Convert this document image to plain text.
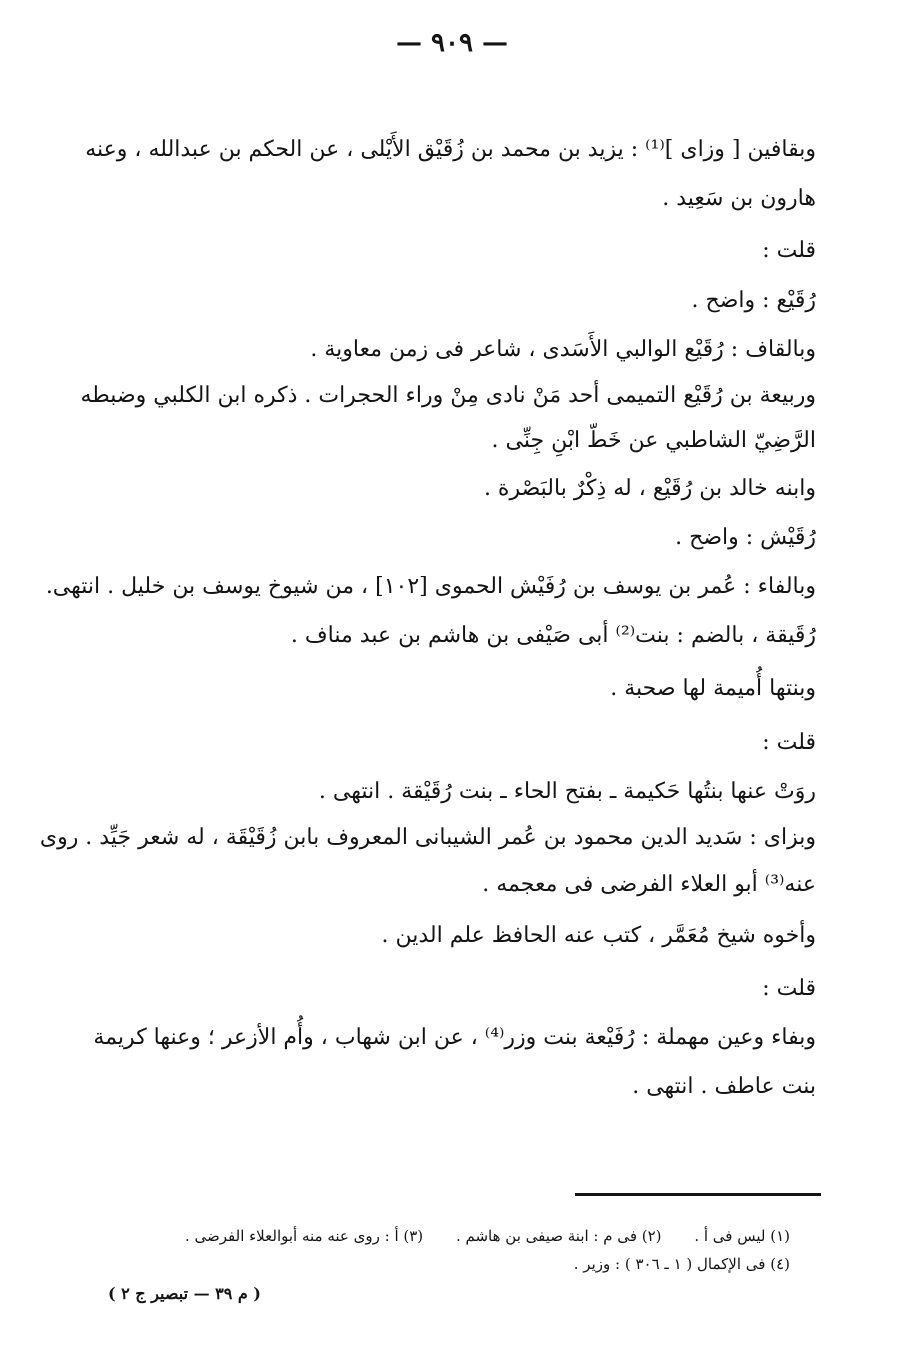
— ٩٠٩ —
وبقافين [ وزاى ]⁽¹⁾ : يزيد بن محمد بن زُقَيْق الأَيْلى ، عن الحكم بن عبدالله ، وعنه
هارون بن سَعِيد .
قلت :
رُقَيْع : واضح .
وبالقاف : رُقَيْع الوالبي الأَسَدى ، شاعر فى زمن معاوية .
وربيعة بن رُقَيْع التميمى أحد مَنْ نادى مِنْ وراء الحجرات . ذكره ابن الكلبي وضبطه
الرَّضِيّ الشاطبي عن خَطّ ابْنِ جِنِّى .
وابنه خالد بن رُقَيْع ، له ذِكْرٌ بالبَصْرة .
رُقَيْش : واضح .
وبالفاء : عُمر بن يوسف بن رُفَيْش الحموى [١٠٢] ، من شيوخ يوسف بن خليل . انتهى.
رُقَيقة ، بالضم : بنت⁽²⁾ أبى صَيْفى بن هاشم بن عبد مناف .
وبنتها أُميمة لها صحبة .
قلت :
روَتْ عنها بنتُها حَكيمة ـ بفتح الحاء ـ بنت رُقَيْقة . انتهى .
وبزاى : سَديد الدين محمود بن عُمر الشيبانى المعروف بابن زُقَيْقَة ، له شعر جَيِّد . روى
عنه⁽³⁾ أبو العلاء الفرضى فى معجمه .
وأخوه شيخ مُعَمَّر ، كتب عنه الحافظ علم الدين .
قلت :
وبفاء وعين مهملة : رُفَيْعة بنت وزر⁽⁴⁾ ، عن ابن شهاب ، وأُم الأزعر ؛ وعنها كريمة
بنت عاطف . انتهى .
(١) ليس فى أ . (٢) فى م : ابنة صيفى بن هاشم . (٣) أ : روى عنه منه أبوالعلاء الفرضى .
(٤) فى الإكمال ( ١ ـ ٣٠٦ ) : وزير .
( م ٣٩ — تبصير ج ٢ )
